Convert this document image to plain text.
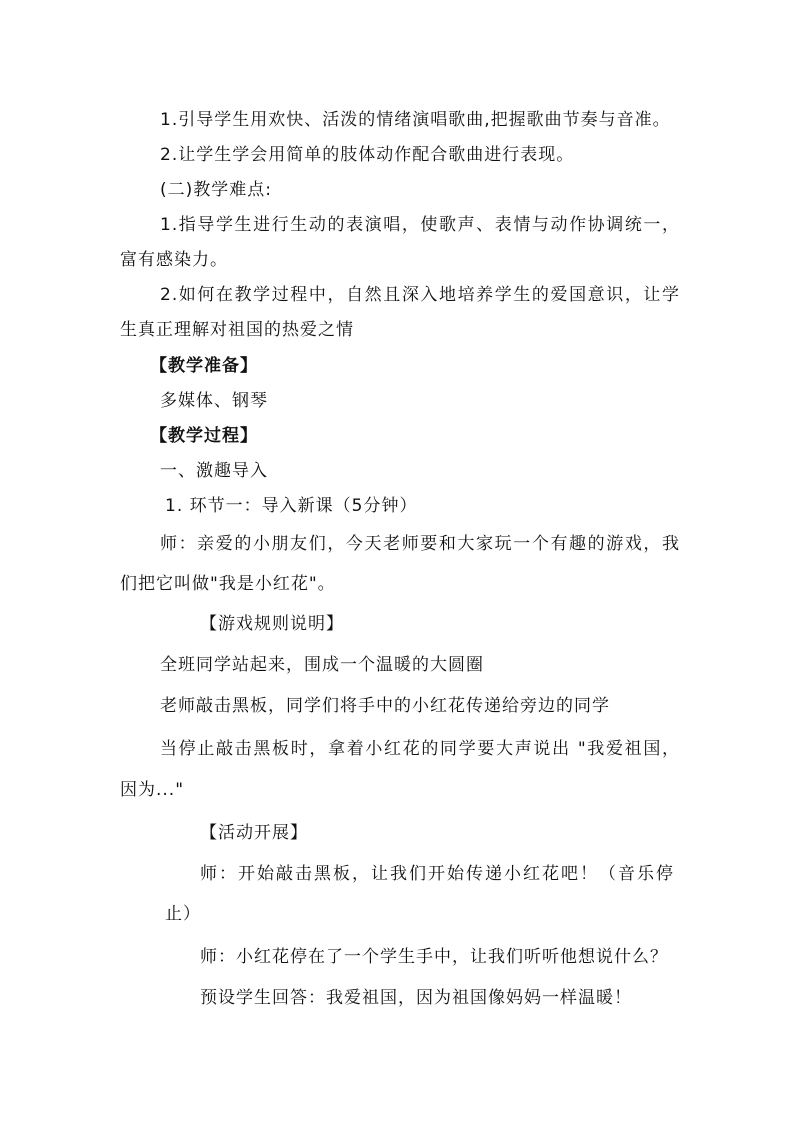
1.引导学生用欢快、活泼的情绪演唱歌曲,把握歌曲节奏与音准。
2.让学生学会用简单的肢体动作配合歌曲进行表现。
(二)教学难点:
1.指导学生进行生动的表演唱，使歌声、表情与动作协调统一，
富有感染力。
2.如何在教学过程中，自然且深入地培养学生的爱国意识，让学
生真正理解对祖国的热爱之情
【教学准备】
多媒体、钢琴
【教学过程】
一、激趣导入
1. 环节一：导入新课（5分钟）
师：亲爱的小朋友们，今天老师要和大家玩一个有趣的游戏，我
们把它叫做"我是小红花"。
【游戏规则说明】
全班同学站起来，围成一个温暖的大圆圈
老师敲击黑板，同学们将手中的小红花传递给旁边的同学
当停止敲击黑板时，拿着小红花的同学要大声说出 "我爱祖国，
因为..."
【活动开展】
师：开始敲击黑板，让我们开始传递小红花吧！（音乐停
止）
师：小红花停在了一个学生手中，让我们听听他想说什么？
预设学生回答：我爱祖国，因为祖国像妈妈一样温暖！
